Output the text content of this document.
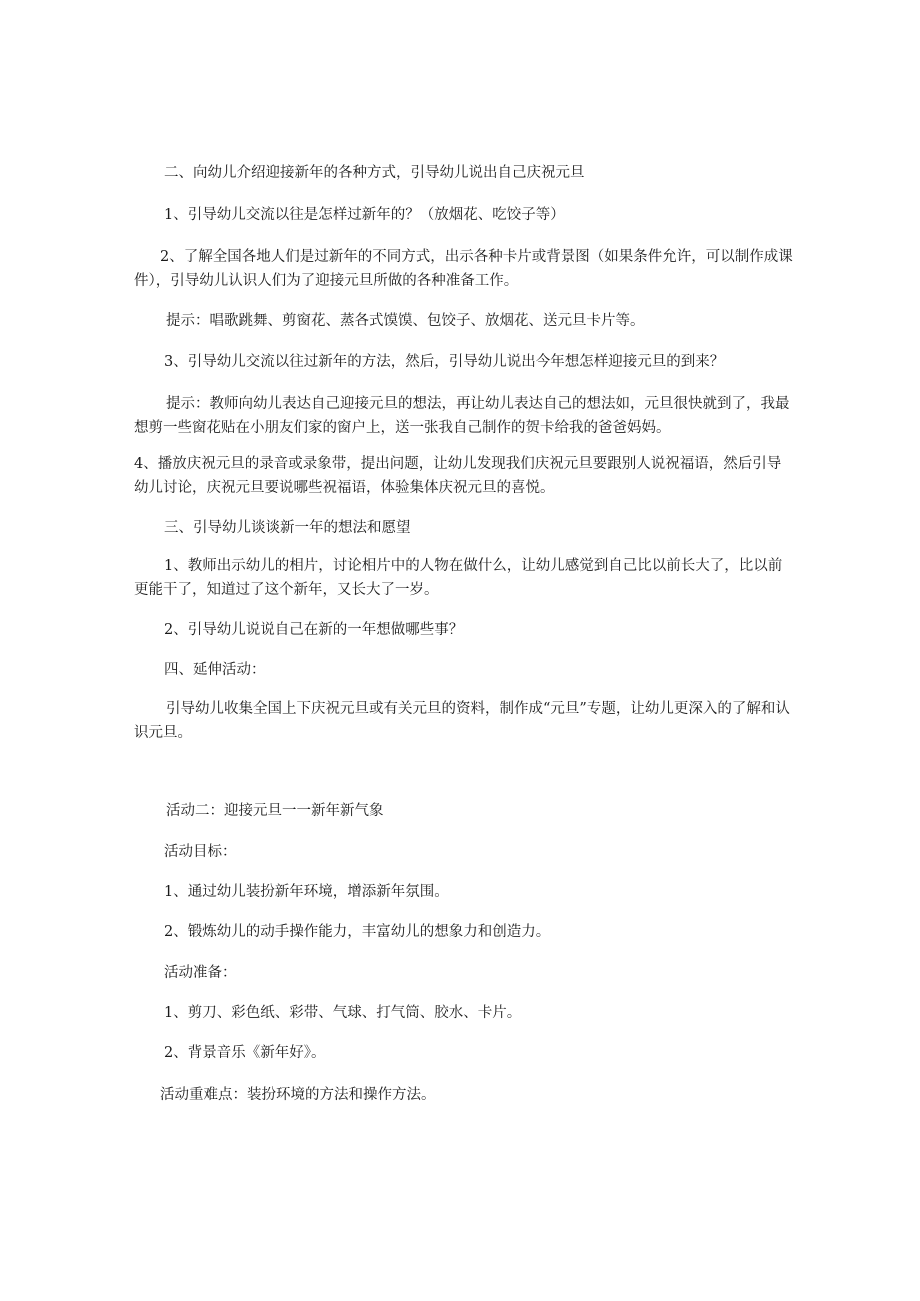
二、向幼儿介绍迎接新年的各种方式，引导幼儿说出自己庆祝元旦

1、引导幼儿交流以往是怎样过新年的？（放烟花、吃饺子等）

2、了解全国各地人们是过新年的不同方式，出示各种卡片或背景图（如果条件允许，可以制作成课件），引导幼儿认识人们为了迎接元旦所做的各种准备工作。

提示：唱歌跳舞、剪窗花、蒸各式馍馍、包饺子、放烟花、送元旦卡片等。

3、引导幼儿交流以往过新年的方法，然后，引导幼儿说出今年想怎样迎接元旦的到来？

提示：教师向幼儿表达自己迎接元旦的想法，再让幼儿表达自己的想法如，元旦很快就到了，我最想剪一些窗花贴在小朋友们家的窗户上，送一张我自己制作的贺卡给我的爸爸妈妈。

4、播放庆祝元旦的录音或录象带，提出问题，让幼儿发现我们庆祝元旦要跟别人说祝福语，然后引导幼儿讨论，庆祝元旦要说哪些祝福语，体验集体庆祝元旦的喜悦。

三、引导幼儿谈谈新一年的想法和愿望

1、教师出示幼儿的相片，讨论相片中的人物在做什么，让幼儿感觉到自己比以前长大了，比以前更能干了，知道过了这个新年，又长大了一岁。

2、引导幼儿说说自己在新的一年想做哪些事？

四、延伸活动：

引导幼儿收集全国上下庆祝元旦或有关元旦的资料，制作成“元旦”专题，让幼儿更深入的了解和认识元旦。

活动二：迎接元旦一一新年新气象

活动目标：

1、通过幼儿装扮新年环境，增添新年氛围。

2、锻炼幼儿的动手操作能力，丰富幼儿的想象力和创造力。

活动准备：

1、剪刀、彩色纸、彩带、气球、打气筒、胶水、卡片。

2、背景音乐《新年好》。

活动重难点：装扮环境的方法和操作方法。
